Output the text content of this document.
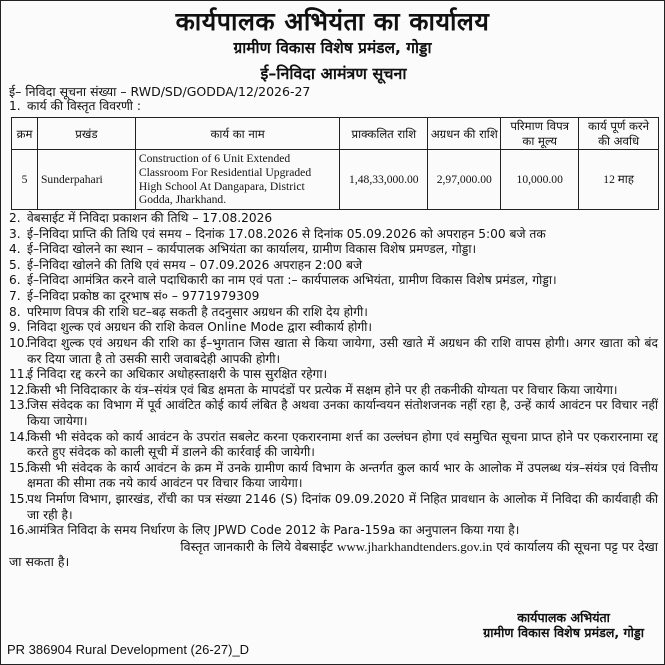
कार्यपालक अभियंता का कार्यालय
ग्रामीण विकास विशेष प्रमंडल, गोड्डा
ई–निविदा आमंत्रण सूचना
ई– निविदा सूचना संख्या – RWD/SD/GODDA/12/2026-27
1. कार्य की विस्तृत विवरणी :
क्रम	प्रखंड	कार्य का नाम	प्राक्कलित राशि	अग्रधन की राशि	परिमाण विपत्र का मूल्य	कार्य पूर्ण करने की अवधि
5	Sunderpahari	Construction of 6 Unit Extended Classroom For Residential Upgraded High School At Dangapara, District Godda, Jharkhand.	1,48,33,000.00	2,97,000.00	10,000.00	12 माह
2. वेबसाईट में निविदा प्रकाशन की तिथि – 17.08.2026
3. ई–निविदा प्राप्ति की तिथि एवं समय – दिनांक 17.08.2026 से दिनांक 05.09.2026 को अपराहन 5:00 बजे तक
4. ई–निविदा खोलने का स्थान – कार्यपालक अभियंता का कार्यालय, ग्रामीण विकास विशेष प्रमण्डल, गोड्डा।
5. ई–निविदा खोलने की तिथि एवं समय – 07.09.2026 अपराहन 2:00 बजे
6. ई–निविदा आमंत्रित करने वाले पदाधिकारी का नाम एवं पता :– कार्यपालक अभियंता, ग्रामीण विकास विशेष प्रमंडल, गोड्डा।
7. ई–निविदा प्रकोष्ठ का दूरभाष सं० – 9771979309
8. परिमाण विपत्र की राशि घट–बढ़ सकती है तदनुसार अग्रधन की राशि देय होगी।
9. निविदा शुल्क एवं अग्रधन की राशि केवल Online Mode द्वारा स्वीकार्य होगी।
10.
निविदा शुल्क एवं अग्रधन की राशि का ई–भुगतान जिस खाता से किया जायेगा, उसी खाते में अग्रधन की राशि वापस होगी। अगर खाता को बंद कर दिया जाता है तो उसकी सारी जवाबदेही आपकी होगी।
11.
ई निविदा रद्द करने का अधिकार अधोहस्ताक्षरी के पास सुरक्षित रहेगा।
12.
किसी भी निविदाकार के यंत्र–संयंत्र एवं बिड क्षमता के मापदंडों पर प्रत्येक में सक्षम होने पर ही तकनीकी योग्यता पर विचार किया जायेगा।
13.
जिस संवेदक का विभाग में पूर्व आवंटित कोई कार्य लंबित है अथवा उनका कार्यान्वयन संतोशजनक नहीं रहा है, उन्हें कार्य आवंटन पर विचार नहीं किया जायेगा।
14.
किसी भी संवेदक को कार्य आवंटन के उपरांत सबलेट करना एकरारनामा शर्त्त का उल्लंघन होगा एवं समुचित सूचना प्राप्त होने पर एकरारनामा रद्द करते हुए संवेदक को काली सूची में डालने की कार्रवाई की जायेगी।
15.
किसी भी संवेदक के कार्य आवंटन के क्रम में उनके ग्रामीण कार्य विभाग के अन्तर्गत कुल कार्य भार के आलोक में उपलब्ध यंत्र–संयंत्र एवं वित्तीय क्षमता की सीमा तक नये कार्य आवंटन पर विचार किया जायेगा।
15.
पथ निर्माण विभाग, झारखंड, राँची का पत्र संख्या 2146 (S) दिनांक 09.09.2020 में निहित प्रावधान के आलोक में निविदा की कार्यवाही की जा रही है।
16.
आमंत्रित निविदा के समय निर्धारण के लिए JPWD Code 2012 के Para-159a का अनुपालन किया गया है।
विस्तृत जानकारी के लिये वेबसाईट www.jharkhandtenders.gov.in एवं कार्यालय की सूचना पट्ट पर देखा
जा सकता है।
कार्यपालक अभियंता
ग्रामीण विकास विशेष प्रमंडल, गोड्डा
PR 386904 Rural Development (26-27)_D
